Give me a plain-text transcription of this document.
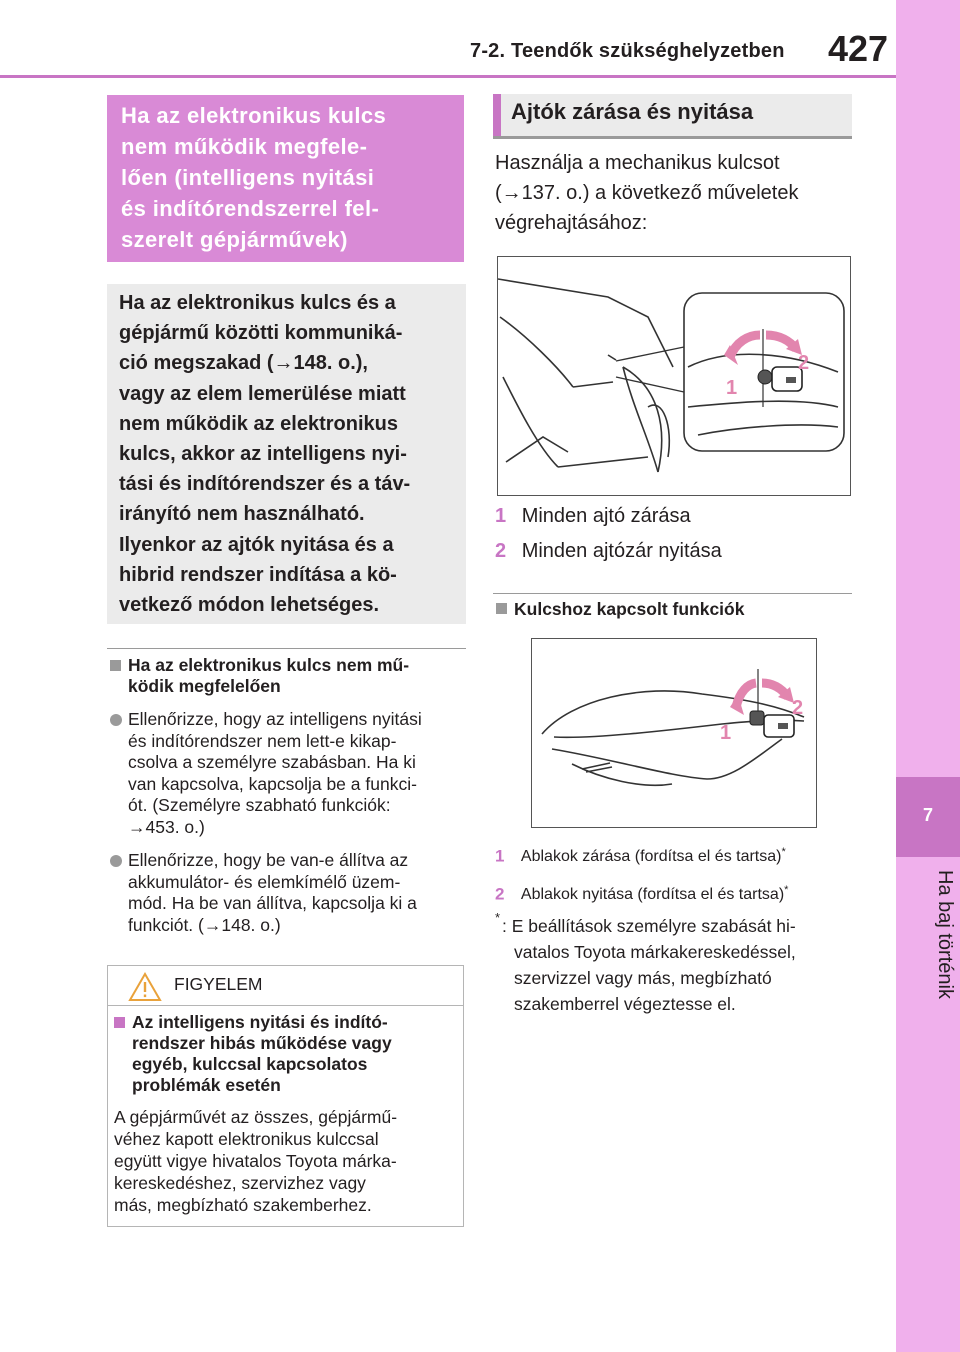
7-2. Teendők szükséghelyzetben 427
7
Ha baj történik
Ha az elektronikus kulcs
nem működik megfele-
lően (intelligens nyitási
és indítórendszerrel fel-
szerelt gépjárművek)
Ha az elektronikus kulcs és a
gépjármű közötti kommuniká-
ció megszakad (→148. o.),
vagy az elem lemerülése miatt
nem működik az elektronikus
kulcs, akkor az intelligens nyi-
tási és indítórendszer és a táv-
irányító nem használható.
Ilyenkor az ajtók nyitása és a
hibrid rendszer indítása a kö-
vetkező módon lehetséges.
Ha az elektronikus kulcs nem mű-
ködik megfelelően
Ellenőrizze, hogy az intelligens nyitási
és indítórendszer nem lett-e kikap-
csolva a személyre szabásban. Ha ki
van kapcsolva, kapcsolja be a funkci-
ót. (Személyre szabható funkciók:
→453. o.)
Ellenőrizze, hogy be van-e állítva az
akkumulátor- és elemkímélő üzem-
mód. Ha be van állítva, kapcsolja ki a
funkciót. (→148. o.)
FIGYELEM
Az intelligens nyitási és indító-
rendszer hibás működése vagy
egyéb, kulccsal kapcsolatos
problémák esetén
A gépjárművét az összes, gépjármű-
véhez kapott elektronikus kulccsal
együtt vigye hivatalos Toyota márka-
kereskedéshez, szervizhez vagy
más, megbízható szakemberhez.
Ajtók zárása és nyitása
Használja a mechanikus kulcsot
(→137. o.) a következő műveletek
végrehajtásához:
1
2
1 Minden ajtó zárása
2 Minden ajtózár nyitása
Kulcshoz kapcsolt funkciók
1
2
1 Ablakok zárása (fordítsa el és tartsa)*
2 Ablakok nyitása (fordítsa el és tartsa)*
* : E beállítások személyre szabását hi-
vatalos Toyota márkakereskedéssel,
szervizzel vagy más, megbízható
szakemberrel végeztesse el.
